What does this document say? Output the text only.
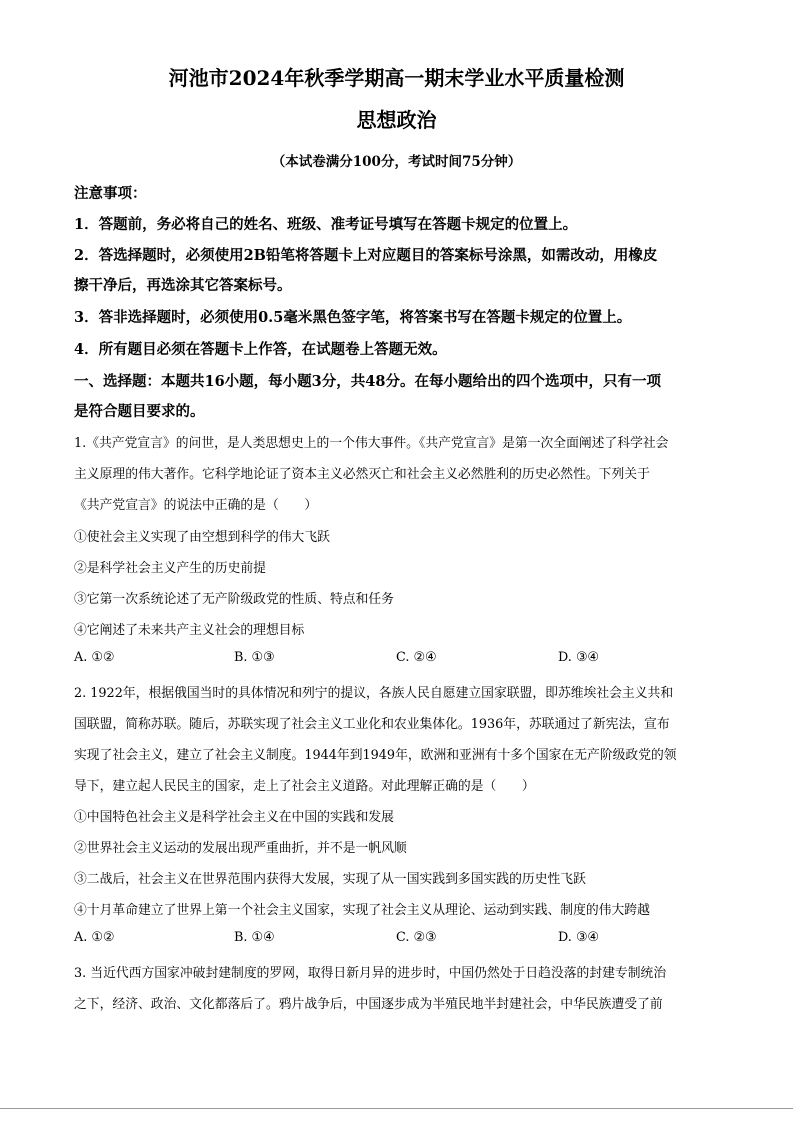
河池市2024年秋季学期高一期末学业水平质量检测
思想政治
（本试卷满分100分，考试时间75分钟）
注意事项：
1．答题前，务必将自己的姓名、班级、准考证号填写在答题卡规定的位置上。
2．答选择题时，必须使用2B铅笔将答题卡上对应题目的答案标号涂黑，如需改动，用橡皮
擦干净后，再选涂其它答案标号。
3．答非选择题时，必须使用0.5毫米黑色签字笔，将答案书写在答题卡规定的位置上。
4．所有题目必须在答题卡上作答，在试题卷上答题无效。
一、选择题：本题共16小题，每小题3分，共48分。在每小题给出的四个选项中，只有一项
是符合题目要求的。
1.《共产党宣言》的问世，是人类思想史上的一个伟大事件。《共产党宣言》是第一次全面阐述了科学社会
主义原理的伟大著作。它科学地论证了资本主义必然灭亡和社会主义必然胜利的历史必然性。下列关于
《共产党宣言》的说法中正确的是（　　）
①使社会主义实现了由空想到科学的伟大飞跃
②是科学社会主义产生的历史前提
③它第一次系统论述了无产阶级政党的性质、特点和任务
④它阐述了未来共产主义社会的理想目标
A. ①②	B. ①③	C. ②④	D. ③④
2. 1922年，根据俄国当时的具体情况和列宁的提议，各族人民自愿建立国家联盟，即苏维埃社会主义共和
国联盟，简称苏联。随后，苏联实现了社会主义工业化和农业集体化。1936年，苏联通过了新宪法，宣布
实现了社会主义，建立了社会主义制度。1944年到1949年，欧洲和亚洲有十多个国家在无产阶级政党的领
导下，建立起人民民主的国家，走上了社会主义道路。对此理解正确的是（　　）
①中国特色社会主义是科学社会主义在中国的实践和发展
②世界社会主义运动的发展出现严重曲折，并不是一帆风顺
③二战后，社会主义在世界范围内获得大发展，实现了从一国实践到多国实践的历史性飞跃
④十月革命建立了世界上第一个社会主义国家，实现了社会主义从理论、运动到实践、制度的伟大跨越
A. ①②	B. ①④	C. ②③	D. ③④
3. 当近代西方国家冲破封建制度的罗网，取得日新月异的进步时，中国仍然处于日趋没落的封建专制统治
之下，经济、政治、文化都落后了。鸦片战争后，中国逐步成为半殖民地半封建社会，中华民族遭受了前
